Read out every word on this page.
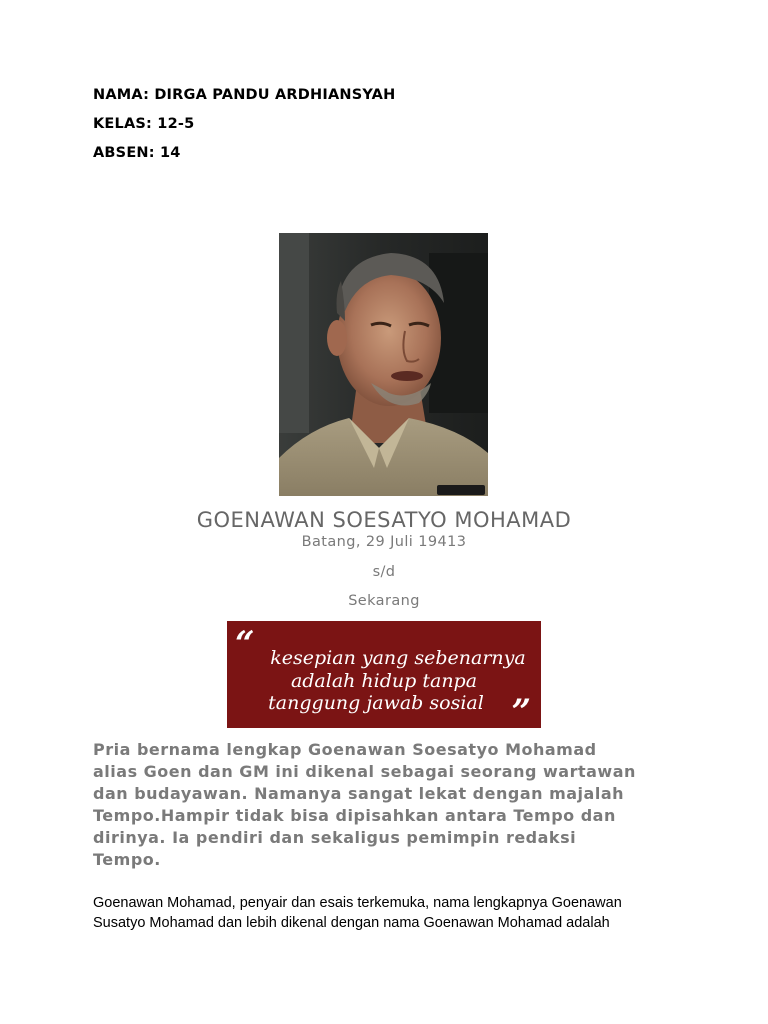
NAMA: DIRGA PANDU ARDHIANSYAH
KELAS: 12-5
ABSEN: 14
GOENAWAN SOESATYO MOHAMAD
Batang, 29 Juli 19413
s/d
Sekarang
“ kesepian yang sebenarnya
adalah hidup tanpa
tanggung jawab sosial ”
Pria bernama lengkap Goenawan Soesatyo Mohamad
alias Goen dan GM ini dikenal sebagai seorang wartawan
dan budayawan. Namanya sangat lekat dengan majalah
Tempo.Hampir tidak bisa dipisahkan antara Tempo dan
dirinya. Ia pendiri dan sekaligus pemimpin redaksi
Tempo.
Goenawan Mohamad, penyair dan esais terkemuka, nama lengkapnya Goenawan
Susatyo Mohamad dan lebih dikenal dengan nama Goenawan Mohamad adalah
